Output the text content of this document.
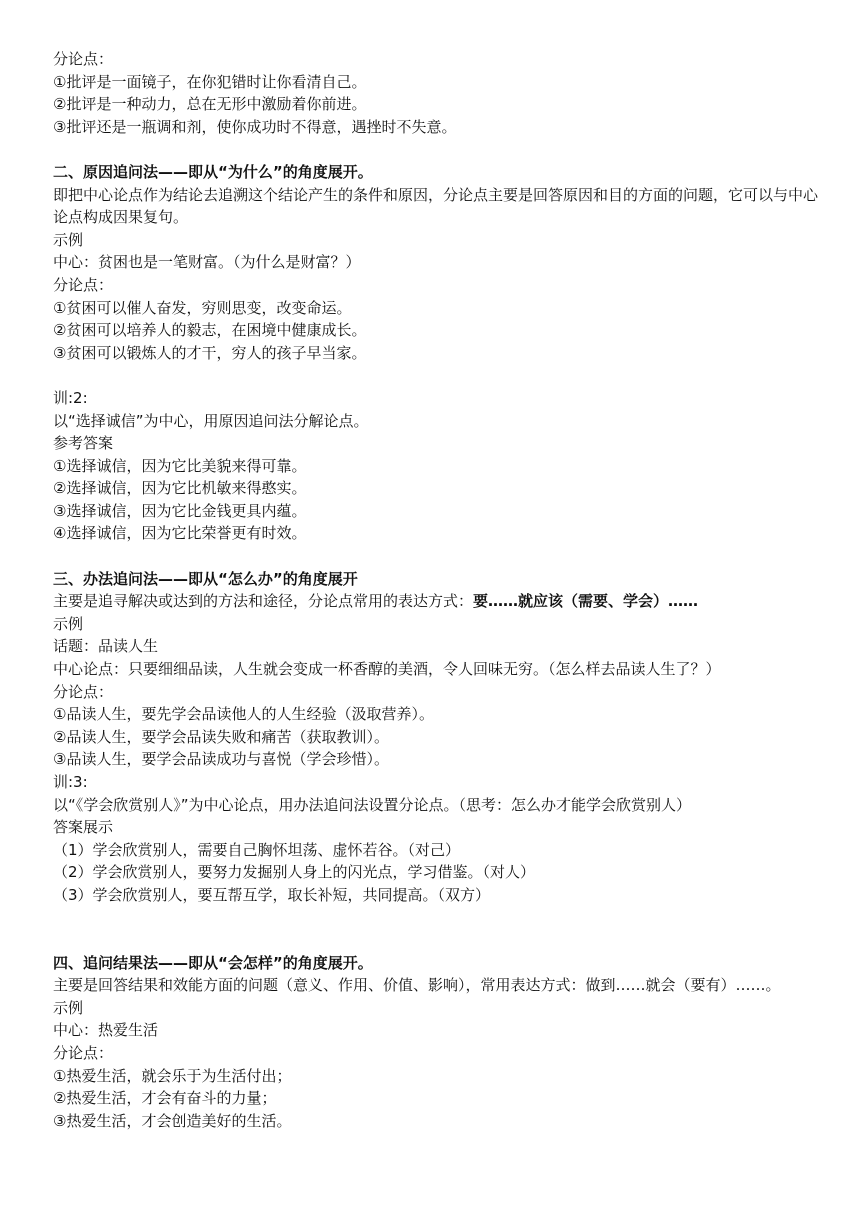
分论点：
①批评是一面镜子，在你犯错时让你看清自己。
②批评是一种动力，总在无形中激励着你前进。
③批评还是一瓶调和剂，使你成功时不得意，遇挫时不失意。
二、原因追问法——即从“为什么”的角度展开。
即把中心论点作为结论去追溯这个结论产生的条件和原因，分论点主要是回答原因和目的方面的问题，它可以与中心论点构成因果复句。
示例
中心：贫困也是一笔财富。（为什么是财富？）
分论点：
①贫困可以催人奋发，穷则思变，改变命运。
②贫困可以培养人的毅志，在困境中健康成长。
③贫困可以锻炼人的才干，穷人的孩子早当家。
训:2:
以“选择诚信”为中心，用原因追问法分解论点。
参考答案
①选择诚信，因为它比美貌来得可靠。
②选择诚信，因为它比机敏来得憨实。
③选择诚信，因为它比金钱更具内蕴。
④选择诚信，因为它比荣誉更有时效。
三、办法追问法——即从“怎么办”的角度展开
主要是追寻解决或达到的方法和途径，分论点常用的表达方式：要……就应该（需要、学会）……
示例
话题：品读人生
中心论点：只要细细品读，人生就会变成一杯香醇的美酒，令人回味无穷。（怎么样去品读人生了？）
分论点：
①品读人生，要先学会品读他人的人生经验（汲取营养）。
②品读人生，要学会品读失败和痛苦（获取教训）。
③品读人生，要学会品读成功与喜悦（学会珍惜）。
训:3:
以“《学会欣赏别人》”为中心论点，用办法追问法设置分论点。（思考：怎么办才能学会欣赏别人）
答案展示
（1）学会欣赏别人，需要自己胸怀坦荡、虚怀若谷。（对己）
（2）学会欣赏别人，要努力发掘别人身上的闪光点，学习借鉴。（对人）
（3）学会欣赏别人，要互帮互学，取长补短，共同提高。（双方）
四、追问结果法——即从“会怎样”的角度展开。
主要是回答结果和效能方面的问题（意义、作用、价值、影响），常用表达方式：做到……就会（要有）……。
示例
中心：热爱生活
分论点：
①热爱生活，就会乐于为生活付出；
②热爱生活，才会有奋斗的力量；
③热爱生活，才会创造美好的生活。
